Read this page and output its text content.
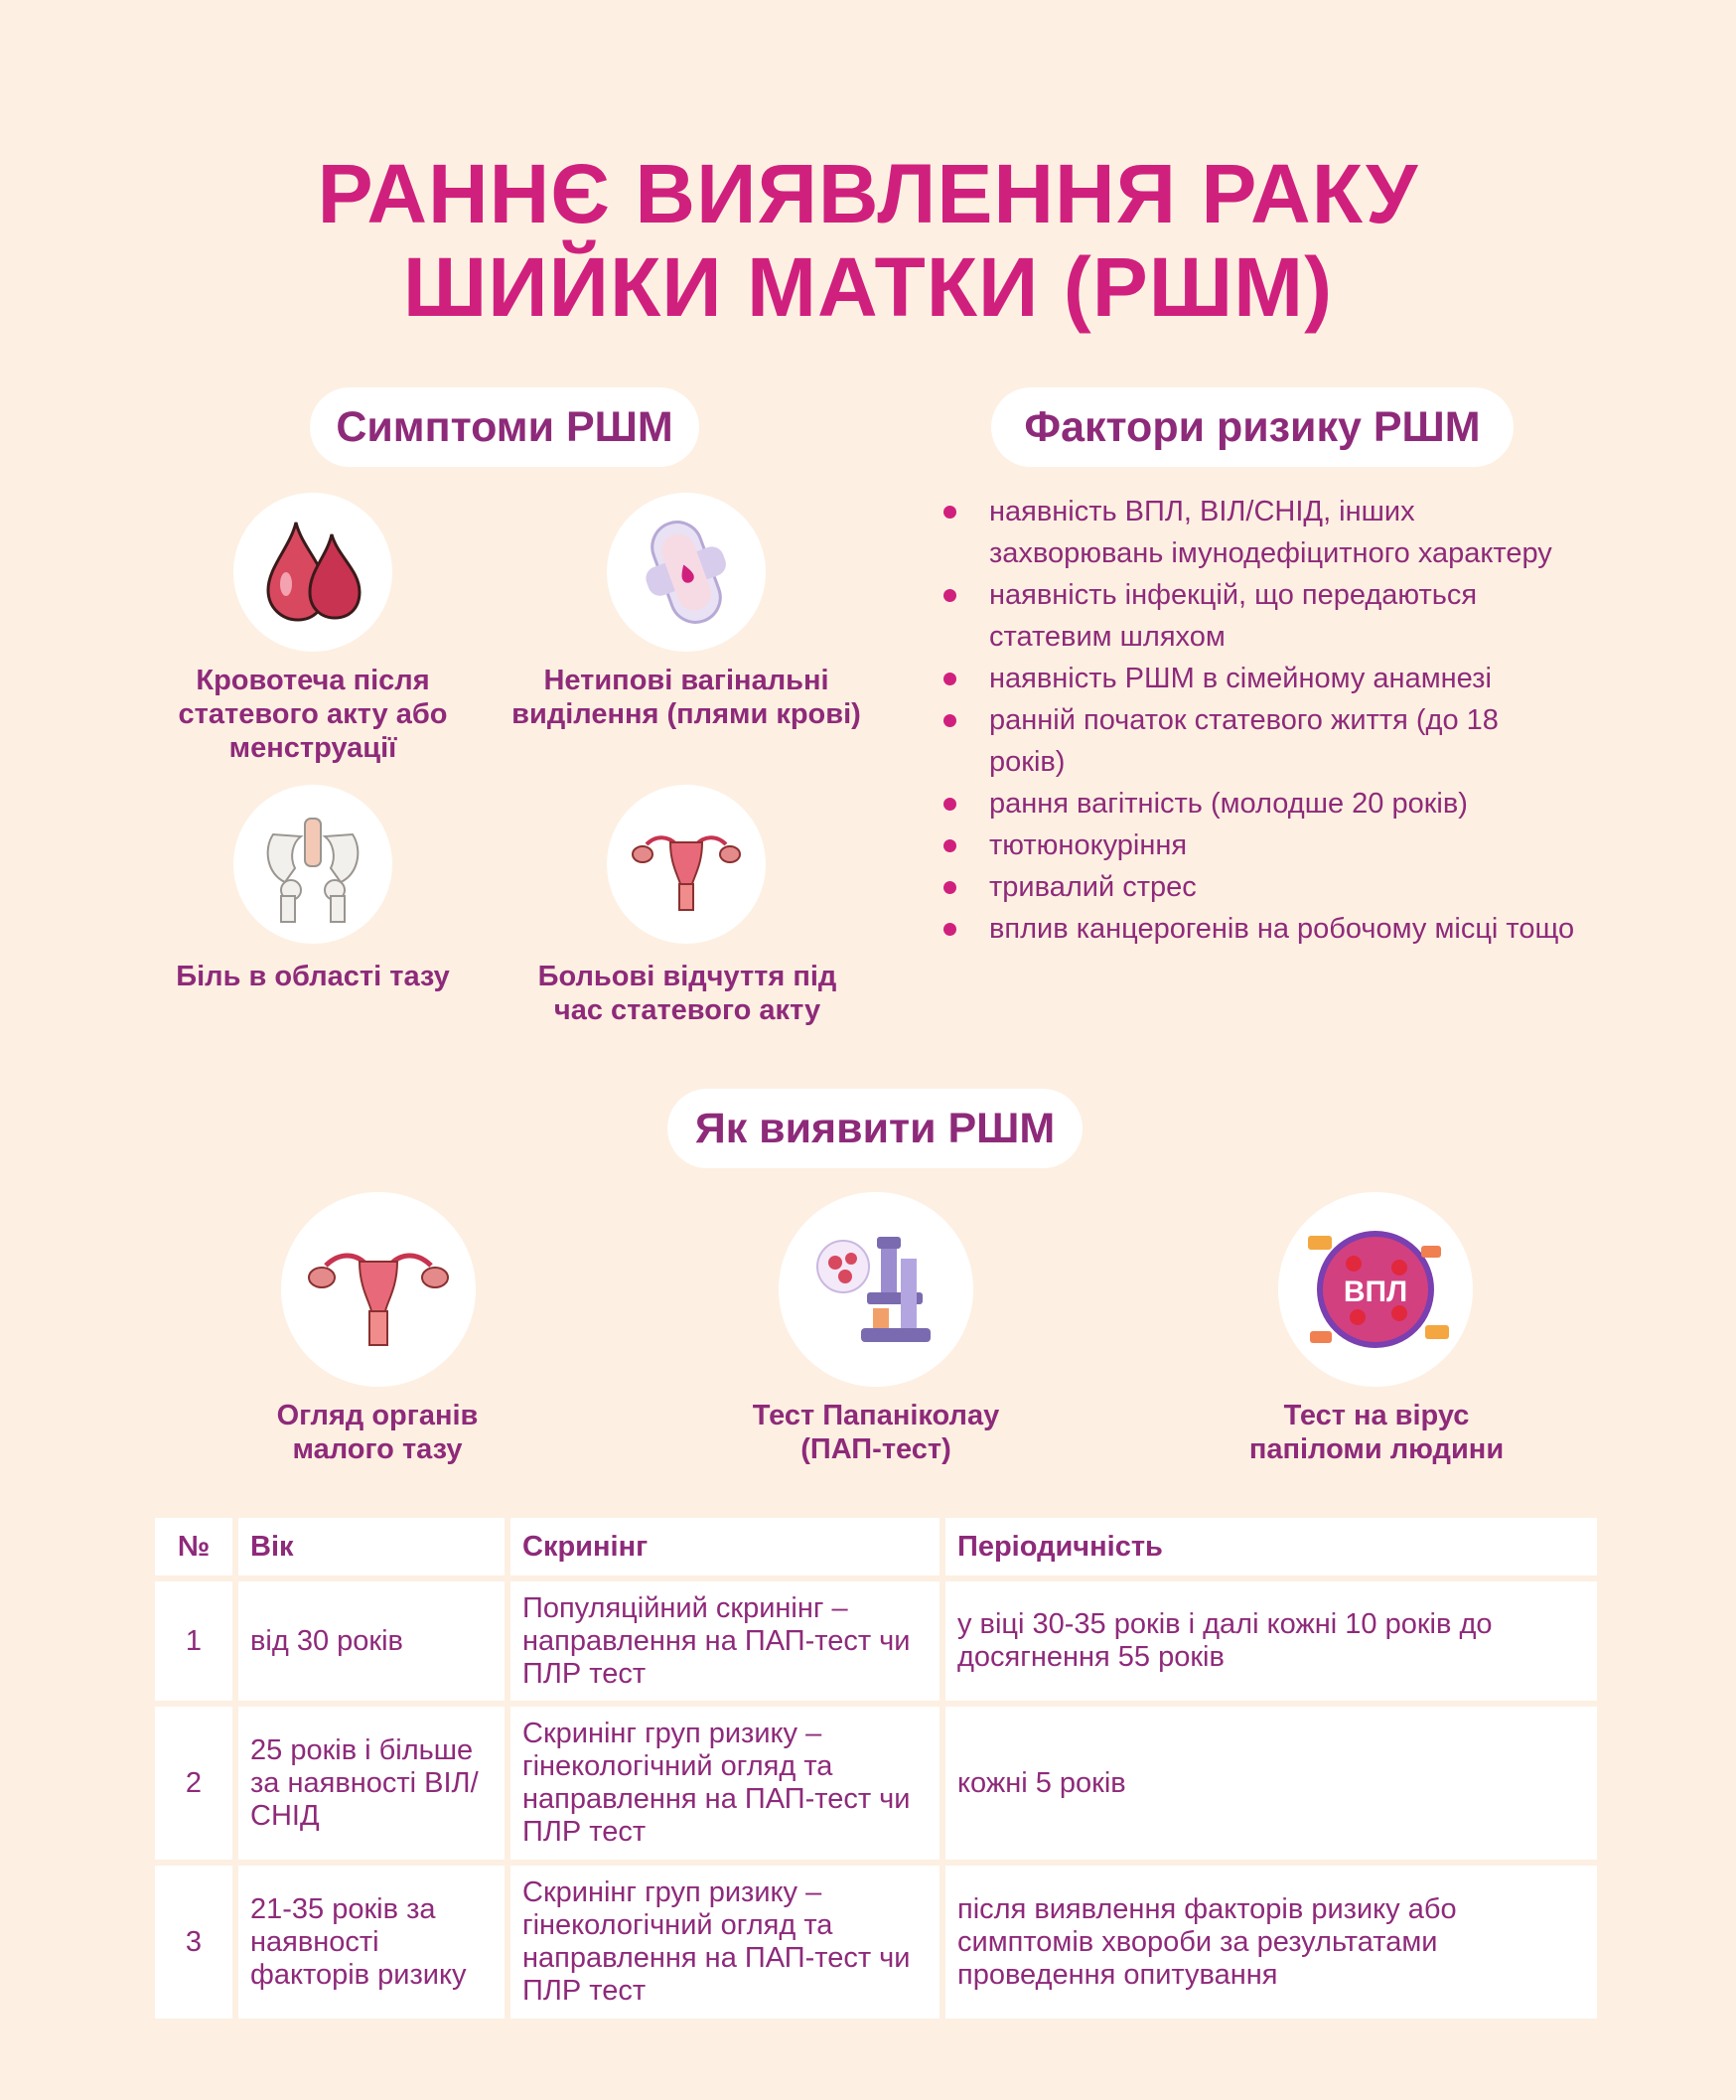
РАННЄ ВИЯВЛЕННЯ РАКУ
ШИЙКИ МАТКИ (РШМ)
Симптоми РШМ
Кровотеча після статевого акту або менструації
Нетипові вагінальні виділення (плями крові)
Біль в області тазу	Больові відчуття під час статевого акту
Фактори ризику РШМ
наявність ВПЛ, ВІЛ/СНІД, інших захворювань імунодефіцитного характеру
наявність інфекцій, що передаються статевим шляхом
наявність РШМ в сімейному анамнезі
ранній початок статевого життя (до 18 років)
рання вагітність (молодше 20 років)
тютюнокуріння
тривалий стрес
вплив канцерогенів на робочому місці тощо
Як виявити РШМ
Огляд органів малого тазу
Тест Папаніколау (ПАП-тест)
ВПЛ
Тест на вірус папіломи людини
№	Вік	Скринінг	Періодичність
1	від 30 років	Популяційний скринінг – направлення на ПАП-тест чи ПЛР тест	у віці 30-35 років і далі кожні 10 років до досягнення 55 років
2	25 років і більше за наявності ВІЛ/СНІД	Скринінг груп ризику – гінекологічний огляд та направлення на ПАП-тест чи ПЛР тест	кожні 5 років
3	21-35 років за наявності факторів ризику	Скринінг груп ризику – гінекологічний огляд та направлення на ПАП-тест чи ПЛР тест	після виявлення факторів ризику або симптомів хвороби за результатами проведення опитування
